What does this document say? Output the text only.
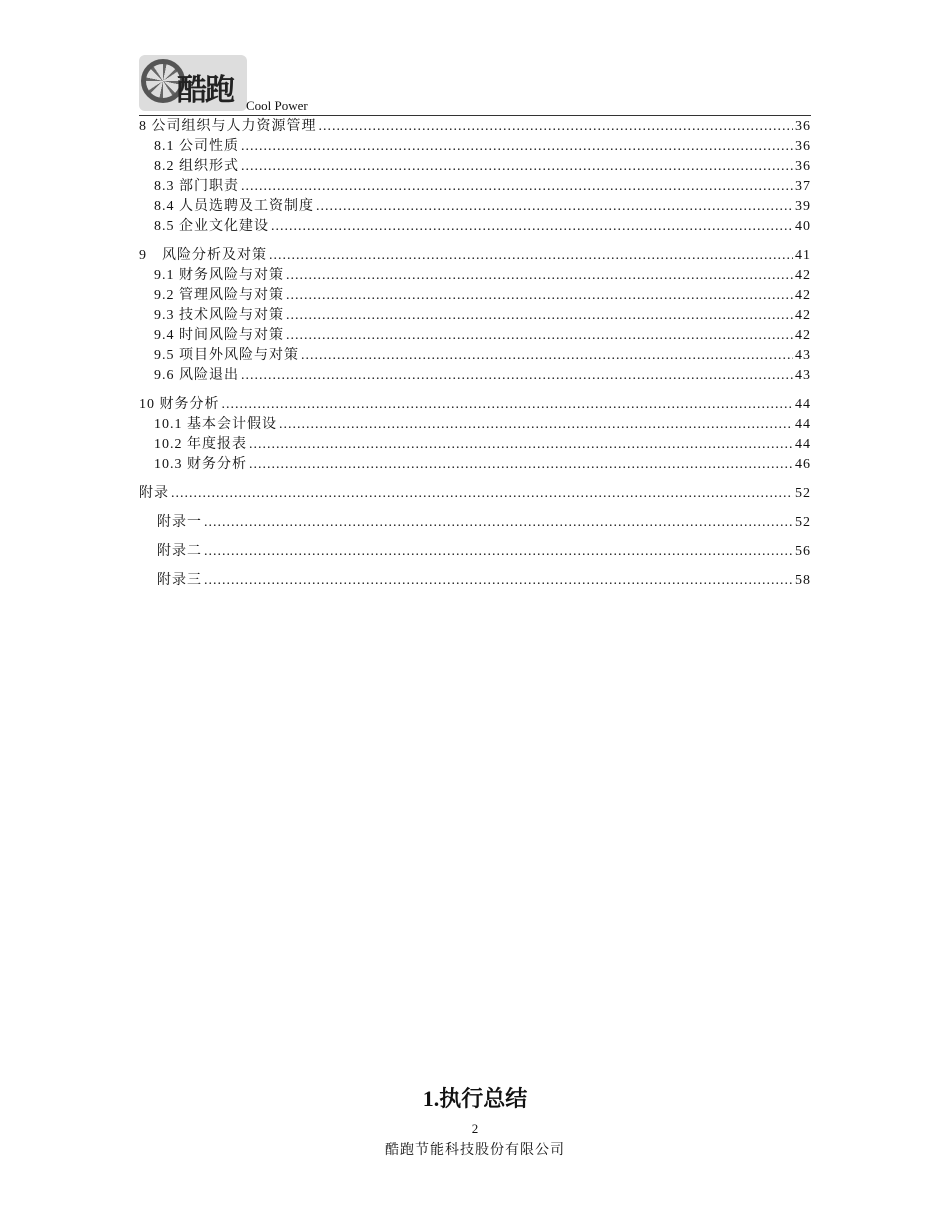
酷跑 Cool Power
8 公司组织与人力资源管理 .....	36
8.1 公司性质 .....	36
8.2 组织形式 .....	36
8.3 部门职责 .....	37
8.4 人员选聘及工资制度 .....	39
8.5 企业文化建设 .....	40
9　风险分析及对策 .....	41
9.1 财务风险与对策 .....	42
9.2 管理风险与对策 .....	42
9.3 技术风险与对策 .....	42
9.4 时间风险与对策 .....	42
9.5 项目外风险与对策 .....	43
9.6 风险退出 .....	43
10 财务分析 .....	44
10.1 基本会计假设 .....	44
10.2 年度报表 .....	44
10.3 财务分析 .....	46
附录 .....	52
附录一 .....	52
附录二 .....	56
附录三 .....	58
1.执行总结
2
酷跑节能科技股份有限公司
